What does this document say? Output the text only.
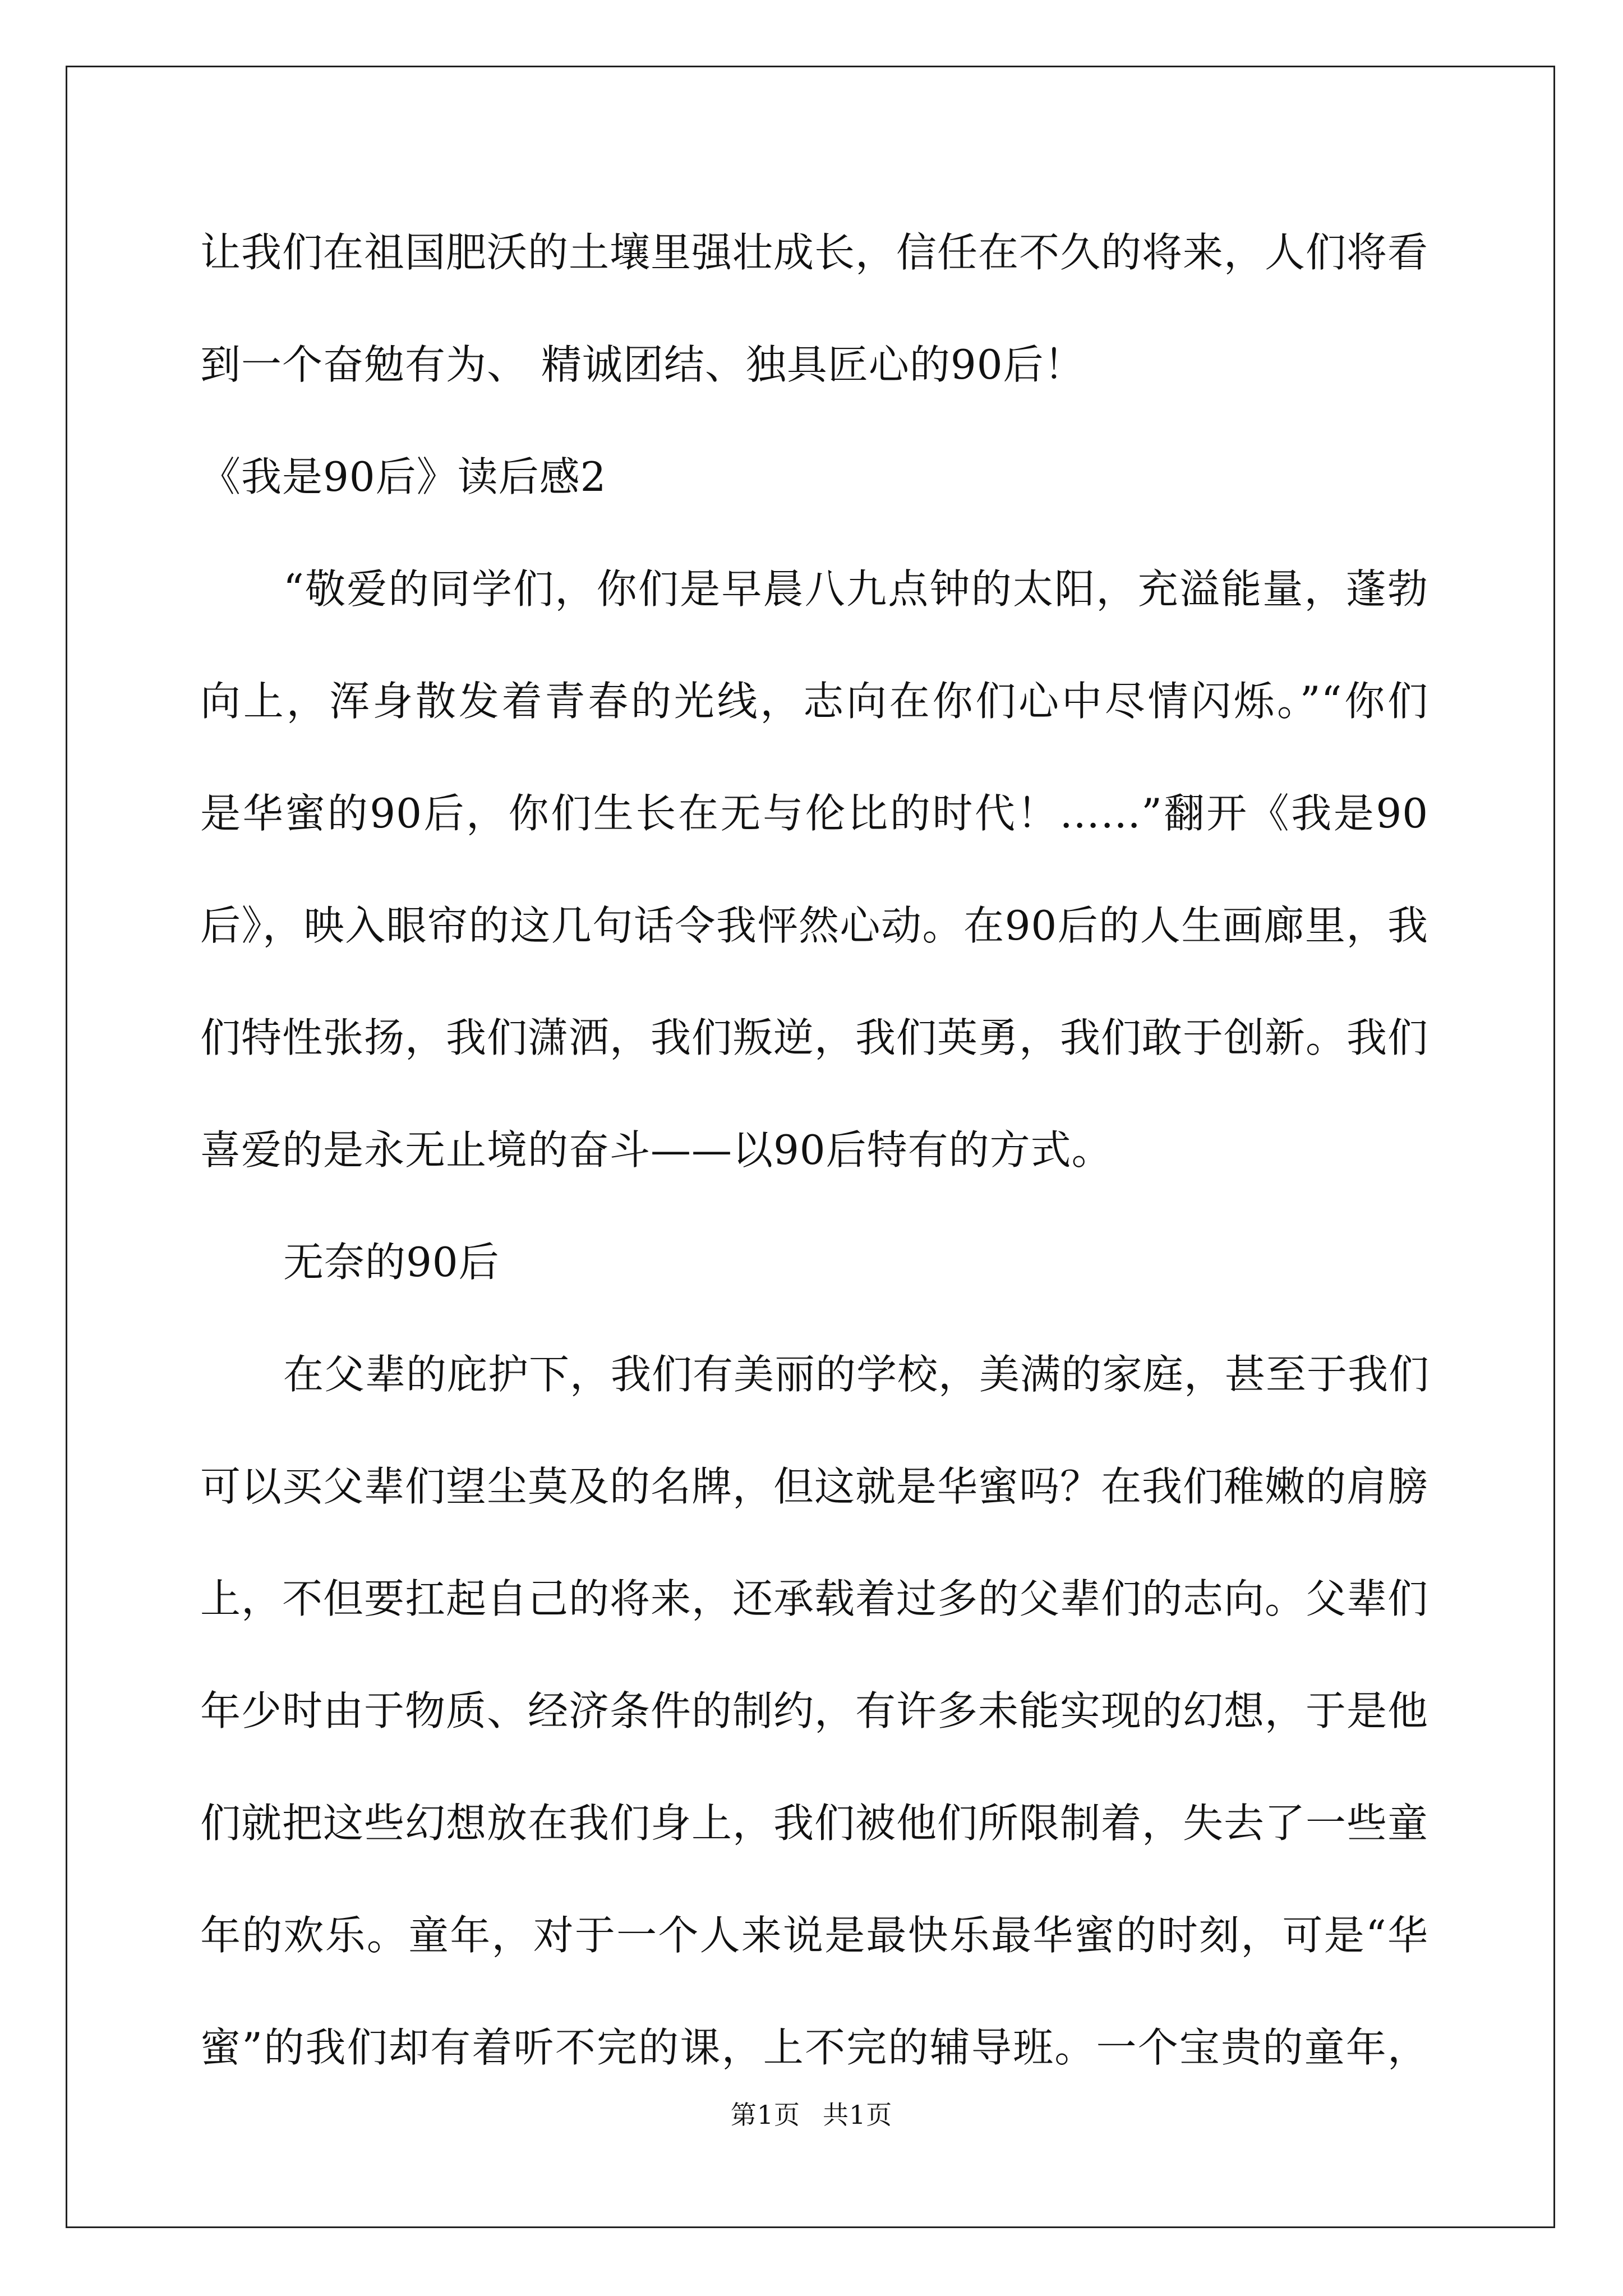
让我们在祖国肥沃的土壤里强壮成长，信任在不久的将来，人们将看
到一个奋勉有为、 精诚团结、独具匠心的90后！
《我是90后》读后感2
“敬爱的同学们，你们是早晨八九点钟的太阳，充溢能量，蓬勃
向上，浑身散发着青春的光线，志向在你们心中尽情闪烁。”“你们
是华蜜的90后，你们生长在无与伦比的时代！……”翻开《我是90
后》，映入眼帘的这几句话令我怦然心动。在90后的人生画廊里，我
们特性张扬，我们潇洒，我们叛逆，我们英勇，我们敢于创新。我们
喜爱的是永无止境的奋斗——以90后特有的方式。
无奈的90后
在父辈的庇护下，我们有美丽的学校，美满的家庭，甚至于我们
可以买父辈们望尘莫及的名牌，但这就是华蜜吗？在我们稚嫩的肩膀
上，不但要扛起自己的将来，还承载着过多的父辈们的志向。父辈们
年少时由于物质、经济条件的制约，有许多未能实现的幻想，于是他
们就把这些幻想放在我们身上，我们被他们所限制着，失去了一些童
年的欢乐。童年，对于一个人来说是最快乐最华蜜的时刻，可是“华
蜜”的我们却有着听不完的课，上不完的辅导班。一个宝贵的童年，
第1页 共1页
